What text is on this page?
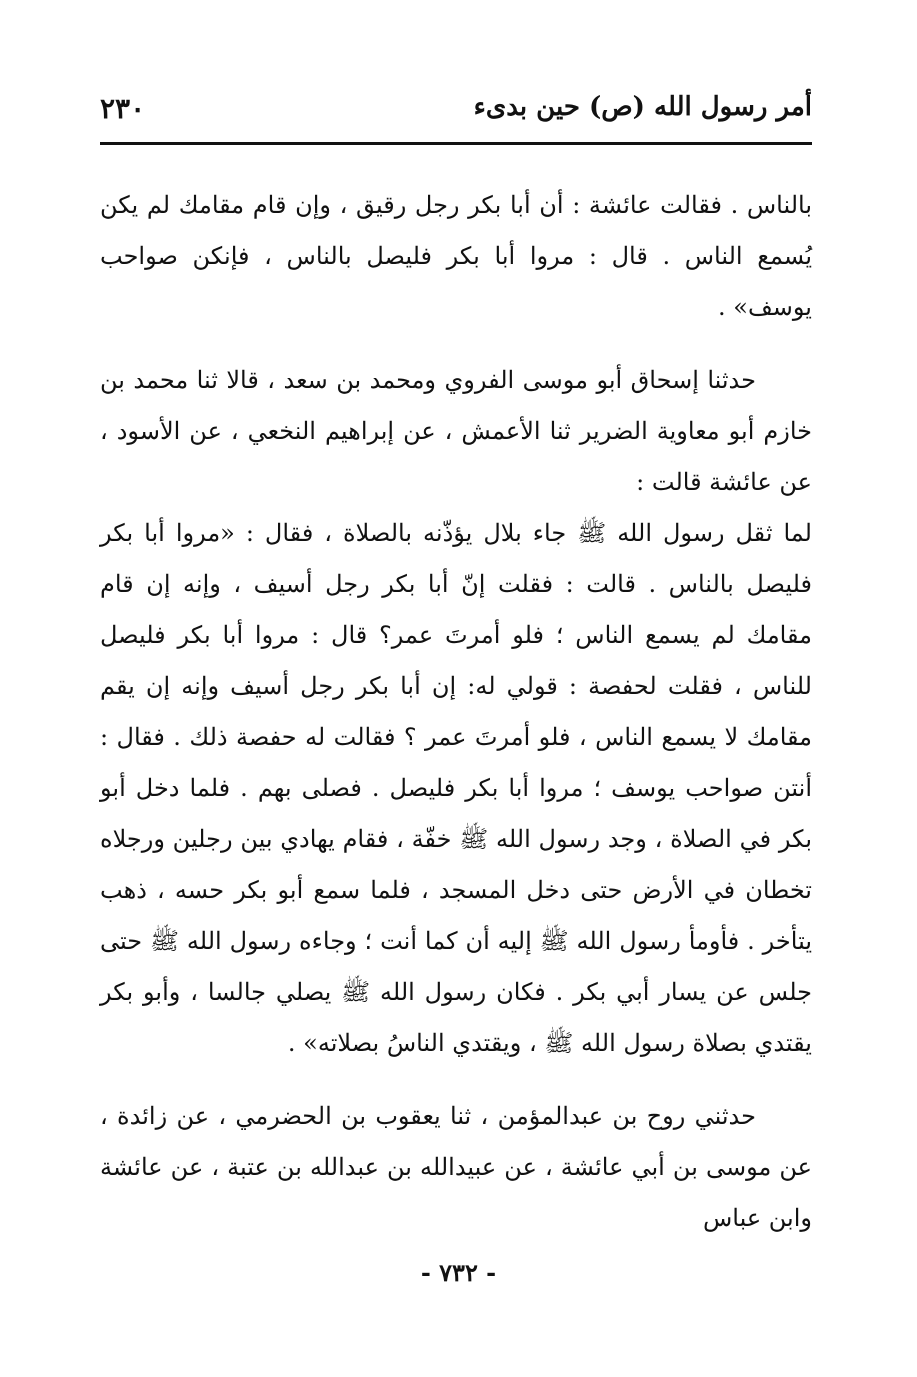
أمر رسول الله (ص) حين بدىء
٢٣٠

بالناس . فقالت عائشة : أن أبا بكر رجل رقيق ، وإن قام مقامك لم يكن يُسمع الناس . قال : مروا أبا بكر فليصل بالناس ، فإنكن صواحب يوسف» .

حدثنا إسحاق أبو موسى الفروي ومحمد بن سعد ، قالا ثنا محمد بن خازم أبو معاوية الضرير ثنا الأعمش ، عن إبراهيم النخعي ، عن الأسود ، عن عائشة قالت :

لما ثقل رسول الله ﷺ جاء بلال يؤذّنه بالصلاة ، فقال : «مروا أبا بكر فليصل بالناس . قالت : فقلت إنّ أبا بكر رجل أسيف ، وإنه إن قام مقامك لم يسمع الناس ؛ فلو أمرتَ عمر؟ قال : مروا أبا بكر فليصل للناس ، فقلت لحفصة : قولي له: إن أبا بكر رجل أسيف وإنه إن يقم مقامك لا يسمع الناس ، فلو أمرتَ عمر ؟ فقالت له حفصة ذلك . فقال : أنتن صواحب يوسف ؛ مروا أبا بكر فليصل . فصلى بهم . فلما دخل أبو بكر في الصلاة ، وجد رسول الله ﷺ خفّة ، فقام يهادي بين رجلين ورجلاه تخطان في الأرض حتى دخل المسجد ، فلما سمع أبو بكر حسه ، ذهب يتأخر . فأومأ رسول الله ﷺ إليه أن كما أنت ؛ وجاءه رسول الله ﷺ حتى جلس عن يسار أبي بكر . فكان رسول الله ﷺ يصلي جالسا ، وأبو بكر يقتدي بصلاة رسول الله ﷺ ، ويقتدي الناسُ بصلاته» .

حدثني روح بن عبدالمؤمن ، ثنا يعقوب بن الحضرمي ، عن زائدة ، عن موسى بن أبي عائشة ، عن عبيدالله بن عبدالله بن عتبة ، عن عائشة وابن عباس

- ٧٣٢ -
